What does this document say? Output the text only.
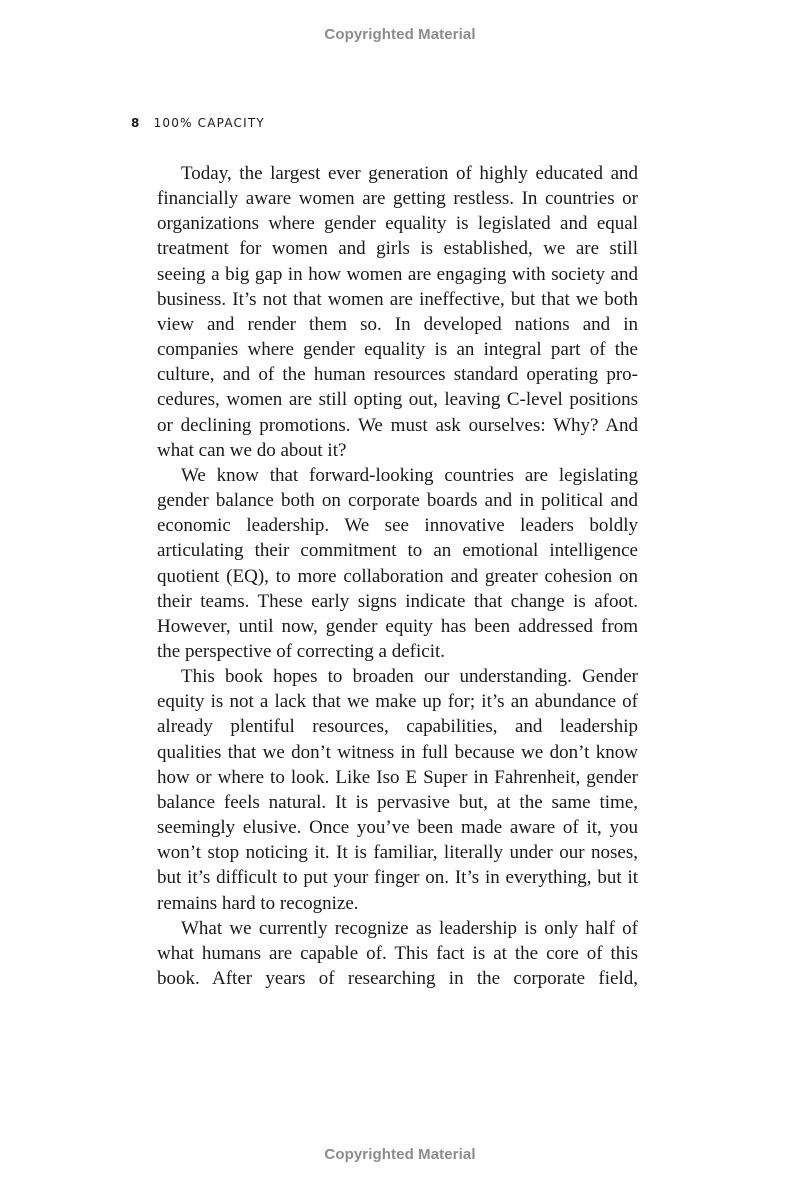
Copyrighted Material
8 100% CAPACITY

Today, the largest ever generation of highly educated and financially aware women are getting restless. In countries or organizations where gender equality is legislated and equal treatment for women and girls is established, we are still seeing a big gap in how women are engaging with society and business. It’s not that women are ineffective, but that we both view and render them so. In developed nations and in companies where gender equality is an integral part of the culture, and of the human resources standard operating procedures, women are still opting out, leaving C-level positions or declining promotions. We must ask ourselves: Why? And what can we do about it?

We know that forward-looking countries are legislating gender balance both on corporate boards and in political and economic leadership. We see innovative leaders boldly articulating their commitment to an emotional intelligence quotient (EQ), to more collaboration and greater cohesion on their teams. These early signs indicate that change is afoot. However, until now, gender equity has been addressed from the perspective of correcting a deficit.

This book hopes to broaden our understanding. Gender equity is not a lack that we make up for; it’s an abundance of already plentiful resources, capabilities, and leadership qualities that we don’t witness in full because we don’t know how or where to look. Like Iso E Super in Fahrenheit, gender balance feels natural. It is pervasive but, at the same time, seemingly elusive. Once you’ve been made aware of it, you won’t stop noticing it. It is familiar, literally under our noses, but it’s difficult to put your finger on. It’s in everything, but it remains hard to recognize.

What we currently recognize as leadership is only half of what humans are capable of. This fact is at the core of this book. After years of researching in the corporate field,

Copyrighted Material
